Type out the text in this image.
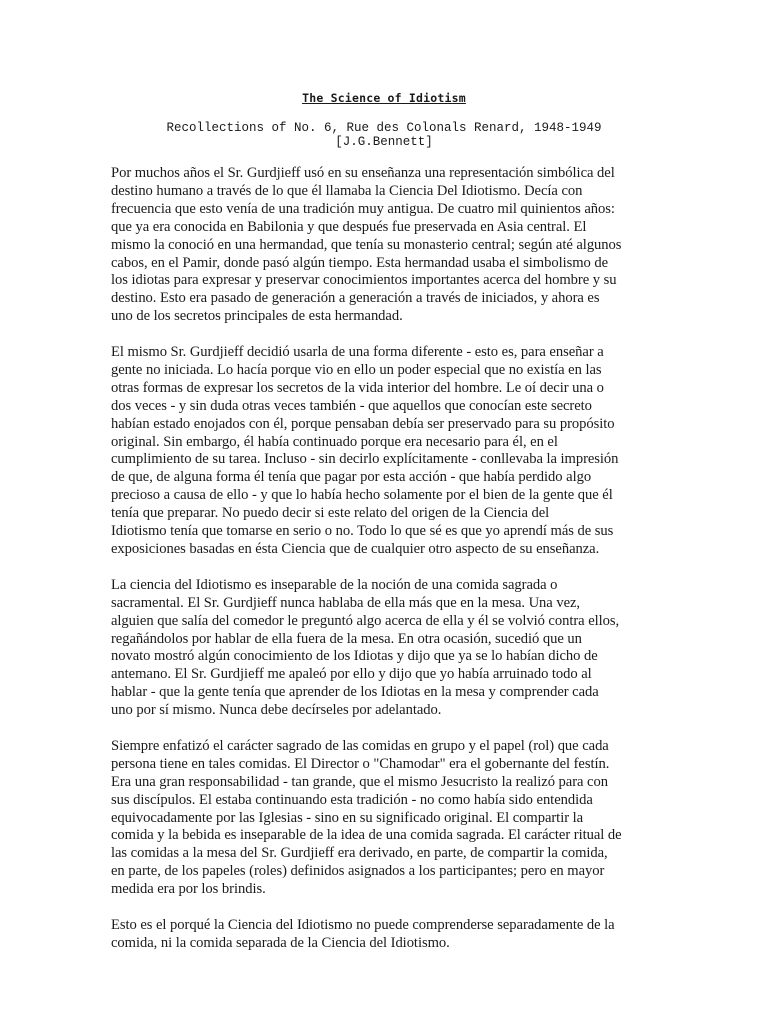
The Science of Idiotism
Recollections of No. 6, Rue des Colonals Renard, 1948-1949
[J.G.Bennett]

Por muchos años el Sr. Gurdjieff usó en su enseñanza una representación simbólica del
destino humano a través de lo que él llamaba la Ciencia Del Idiotismo. Decía con
frecuencia que esto venía de una tradición muy antigua. De cuatro mil quinientos años:
que ya era conocida en Babilonia y que después fue preservada en Asia central. El
mismo la conoció en una hermandad, que tenía su monasterio central; según até algunos
cabos, en el Pamir, donde pasó algún tiempo. Esta hermandad usaba el simbolismo de
los idiotas para expresar y preservar conocimientos importantes acerca del hombre y su
destino. Esto era pasado de generación a generación a través de iniciados, y ahora es
uno de los secretos principales de esta hermandad.

El mismo Sr. Gurdjieff decidió usarla de una forma diferente - esto es, para enseñar a
gente no iniciada. Lo hacía porque vio en ello un poder especial que no existía en las
otras formas de expresar los secretos de la vida interior del hombre. Le oí decir una o
dos veces - y sin duda otras veces también - que aquellos que conocían este secreto
habían estado enojados con él, porque pensaban debía ser preservado para su propósito
original. Sin embargo, él había continuado porque era necesario para él, en el
cumplimiento de su tarea. Incluso - sin decirlo explícitamente - conllevaba la impresión
de que, de alguna forma él tenía que pagar por esta acción - que había perdido algo
precioso a causa de ello - y que lo había hecho solamente por el bien de la gente que él
tenía que preparar. No puedo decir si este relato del origen de la Ciencia del
Idiotismo tenía que tomarse en serio o no. Todo lo que sé es que yo aprendí más de sus
exposiciones basadas en ésta Ciencia que de cualquier otro aspecto de su enseñanza.

La ciencia del Idiotismo es inseparable de la noción de una comida sagrada o
sacramental. El Sr. Gurdjieff nunca hablaba de ella más que en la mesa. Una vez,
alguien que salía del comedor le preguntó algo acerca de ella y él se volvió contra ellos,
regañándolos por hablar de ella fuera de la mesa. En otra ocasión, sucedió que un
novato mostró algún conocimiento de los Idiotas y dijo que ya se lo habían dicho de
antemano. El Sr. Gurdjieff me apaleó por ello y dijo que yo había arruinado todo al
hablar - que la gente tenía que aprender de los Idiotas en la mesa y comprender cada
uno por sí mismo. Nunca debe decírseles por adelantado.

Siempre enfatizó el carácter sagrado de las comidas en grupo y el papel (rol) que cada
persona tiene en tales comidas. El Director o "Chamodar" era el gobernante del festín.
Era una gran responsabilidad - tan grande, que el mismo Jesucristo la realizó para con
sus discípulos. El estaba continuando esta tradición - no como había sido entendida
equivocadamente por las Iglesias - sino en su significado original. El compartir la
comida y la bebida es inseparable de la idea de una comida sagrada. El carácter ritual de
las comidas a la mesa del Sr. Gurdjieff era derivado, en parte, de compartir la comida,
en parte, de los papeles (roles) definidos asignados a los participantes; pero en mayor
medida era por los brindis.

Esto es el porqué la Ciencia del Idiotismo no puede comprenderse separadamente de la
comida, ni la comida separada de la Ciencia del Idiotismo.
